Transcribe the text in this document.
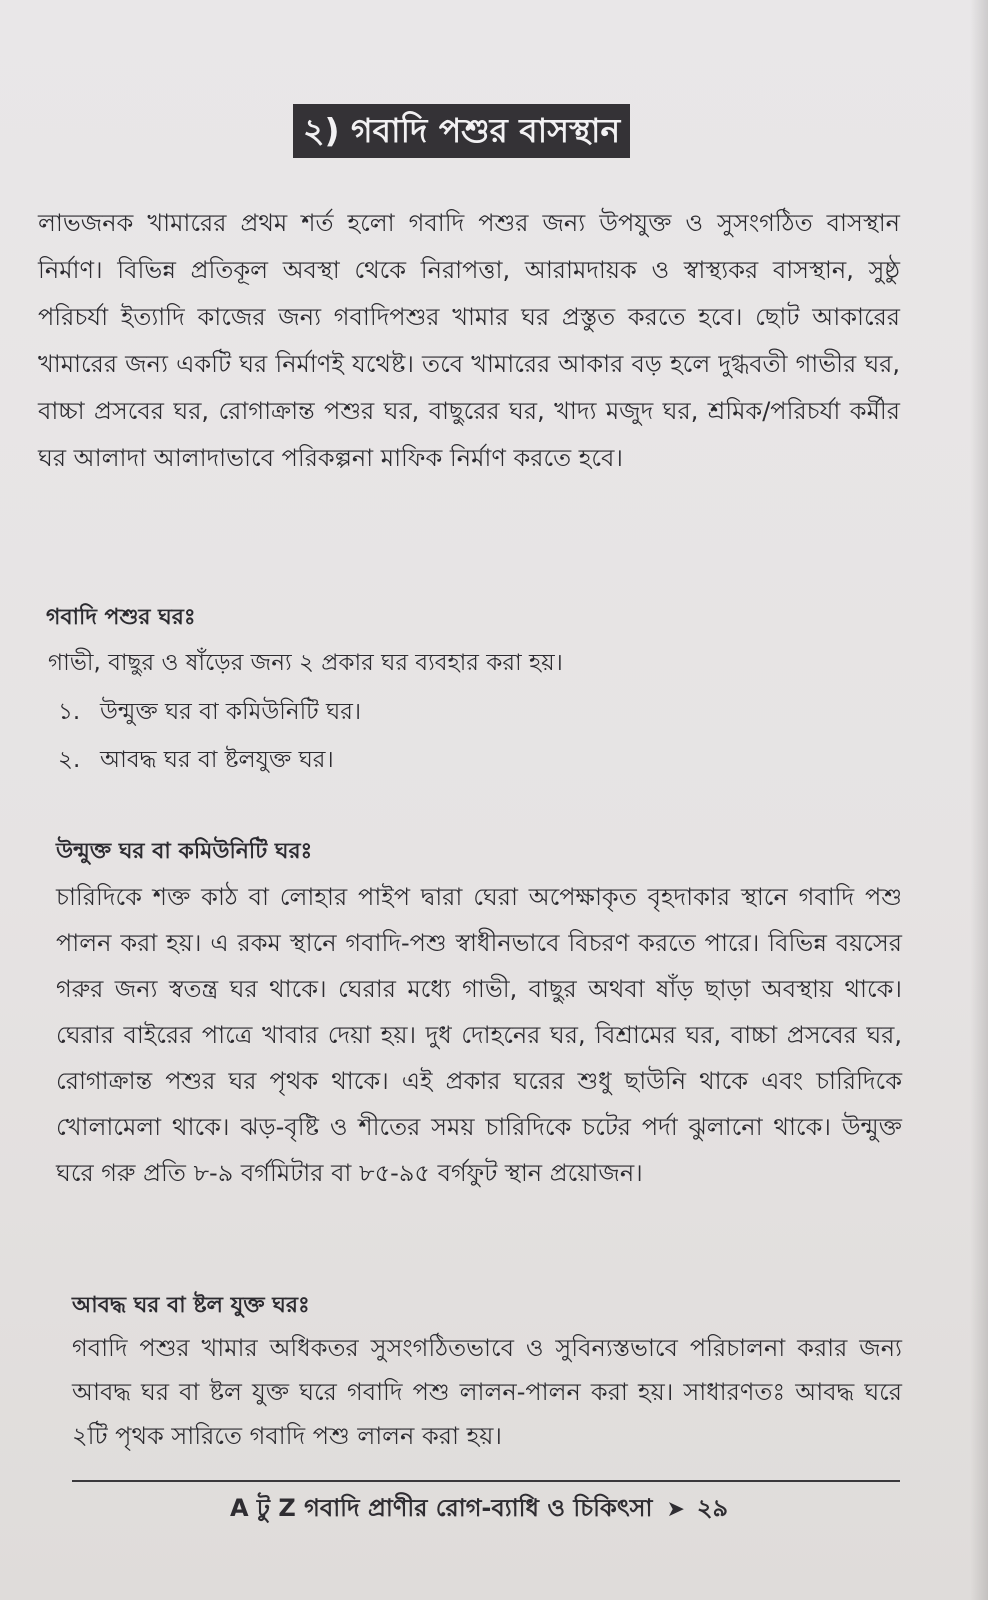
২) গবাদি পশুর বাসস্থান

লাভজনক খামারের প্রথম শর্ত হলো গবাদি পশুর জন্য উপযুক্ত ও সুসংগঠিত বাসস্থান নির্মাণ। বিভিন্ন প্রতিকূল অবস্থা থেকে নিরাপত্তা, আরামদায়ক ও স্বাস্থ্যকর বাসস্থান, সুষ্ঠু পরিচর্যা ইত্যাদি কাজের জন্য গবাদিপশুর খামার ঘর প্রস্তুত করতে হবে। ছোট আকারের খামারের জন্য একটি ঘর নির্মাণই যথেষ্ট। তবে খামারের আকার বড় হলে দুগ্ধবতী গাভীর ঘর, বাচ্চা প্রসবের ঘর, রোগাক্রান্ত পশুর ঘর, বাছুরের ঘর, খাদ্য মজুদ ঘর, শ্রমিক/পরিচর্যা কর্মীর ঘর আলাদা আলাদাভাবে পরিকল্পনা মাফিক নির্মাণ করতে হবে।

গবাদি পশুর ঘরঃ
গাভী, বাছুর ও ষাঁড়ের জন্য ২ প্রকার ঘর ব্যবহার করা হয়।
১. উন্মুক্ত ঘর বা কমিউনিটি ঘর।
২. আবদ্ধ ঘর বা ষ্টলযুক্ত ঘর।
উন্মুক্ত ঘর বা কমিউনিটি ঘরঃ

চারিদিকে শক্ত কাঠ বা লোহার পাইপ দ্বারা ঘেরা অপেক্ষাকৃত বৃহদাকার স্থানে গবাদি পশু পালন করা হয়। এ রকম স্থানে গবাদি-পশু স্বাধীনভাবে বিচরণ করতে পারে। বিভিন্ন বয়সের গরুর জন্য স্বতন্ত্র ঘর থাকে। ঘেরার মধ্যে গাভী, বাছুর অথবা ষাঁড় ছাড়া অবস্থায় থাকে। ঘেরার বাইরের পাত্রে খাবার দেয়া হয়। দুধ দোহনের ঘর, বিশ্রামের ঘর, বাচ্চা প্রসবের ঘর, রোগাক্রান্ত পশুর ঘর পৃথক থাকে। এই প্রকার ঘরের শুধু ছাউনি থাকে এবং চারিদিকে খোলামেলা থাকে। ঝড়-বৃষ্টি ও শীতের সময় চারিদিকে চটের পর্দা ঝুলানো থাকে। উন্মুক্ত ঘরে গরু প্রতি ৮-৯ বর্গমিটার বা ৮৫-৯৫ বর্গফুট স্থান প্রয়োজন।

আবদ্ধ ঘর বা ষ্টল যুক্ত ঘরঃ

গবাদি পশুর খামার অধিকতর সুসংগঠিতভাবে ও সুবিন্যস্তভাবে পরিচালনা করার জন্য আবদ্ধ ঘর বা ষ্টল যুক্ত ঘরে গবাদি পশু লালন-পালন করা হয়। সাধারণতঃ আবদ্ধ ঘরে ২টি পৃথক সারিতে গবাদি পশু লালন করা হয়।

A টু Z গবাদি প্রাণীর রোগ-ব্যাধি ও চিকিৎসা ➤ ২৯
